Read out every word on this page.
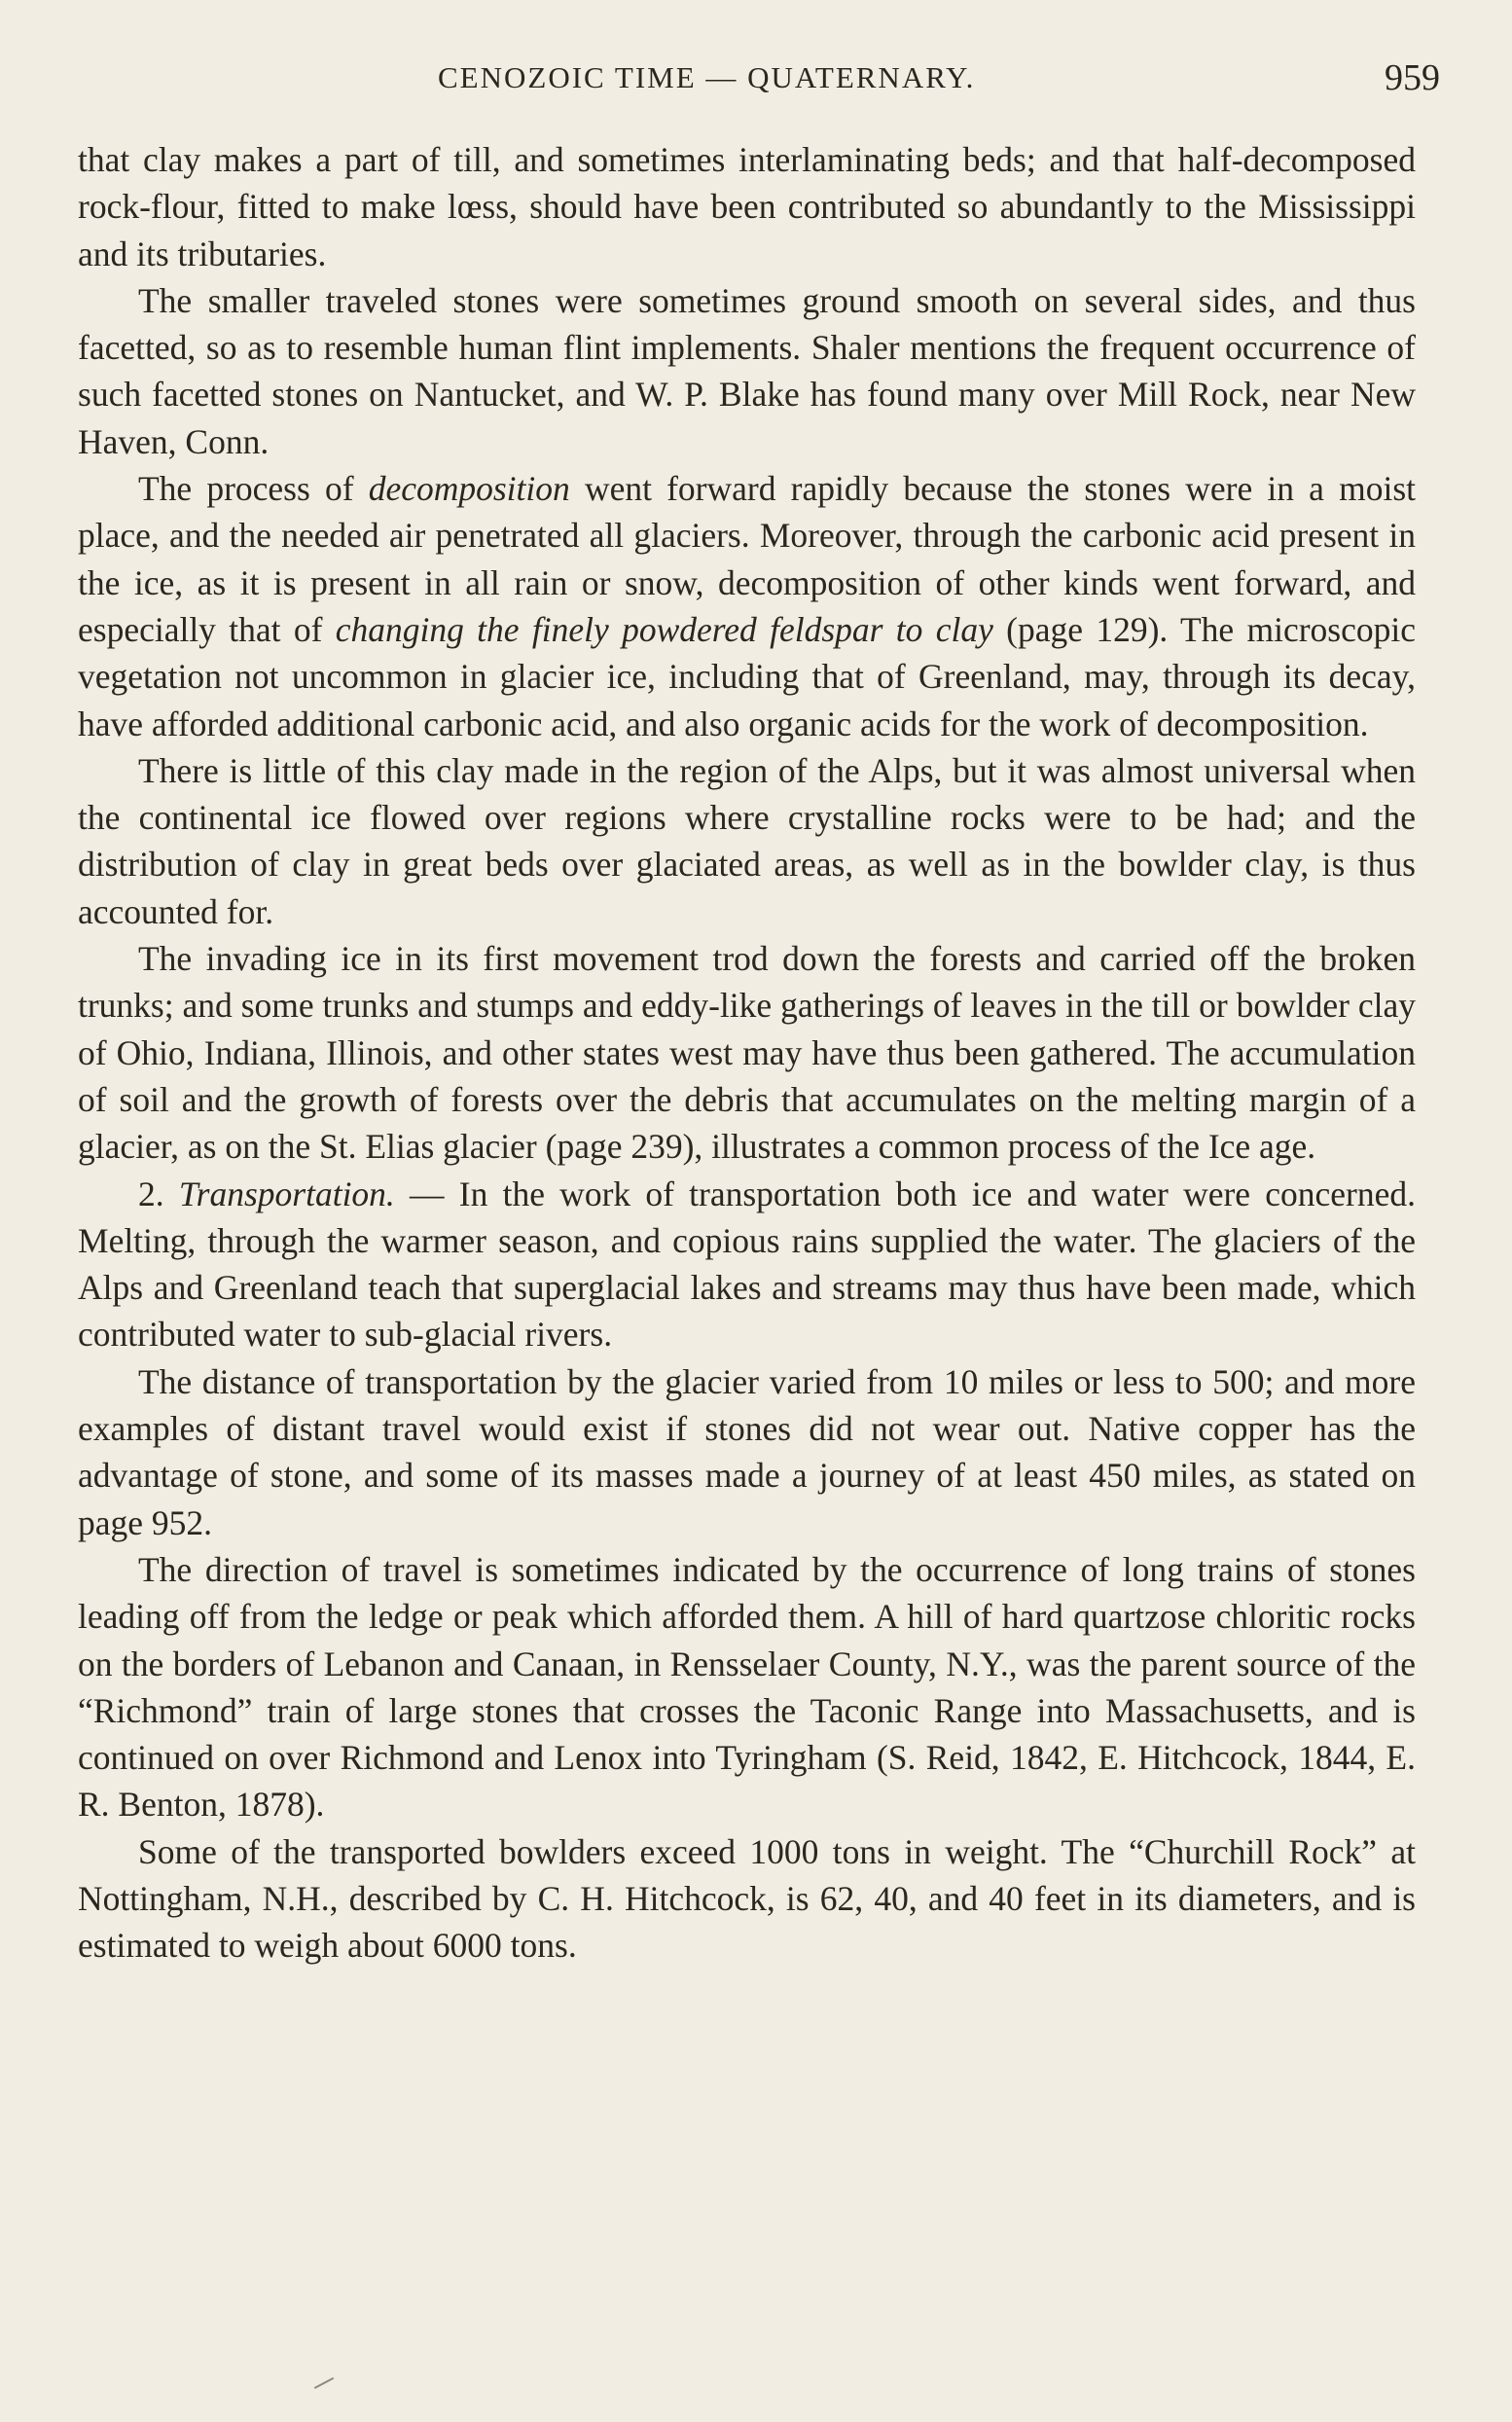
CENOZOIC TIME — QUATERNARY.	959

that clay makes a part of till, and sometimes interlaminating beds; and that half-decomposed rock-flour, fitted to make lœss, should have been contributed so abundantly to the Mississippi and its tributaries.

The smaller traveled stones were sometimes ground smooth on several sides, and thus facetted, so as to resemble human flint implements. Shaler mentions the frequent occurrence of such facetted stones on Nantucket, and W. P. Blake has found many over Mill Rock, near New Haven, Conn.

The process of decomposition went forward rapidly because the stones were in a moist place, and the needed air penetrated all glaciers. Moreover, through the carbonic acid present in the ice, as it is present in all rain or snow, decomposition of other kinds went forward, and especially that of changing the finely powdered feldspar to clay (page 129). The microscopic vegetation not uncommon in glacier ice, including that of Greenland, may, through its decay, have afforded additional carbonic acid, and also organic acids for the work of decomposition.

There is little of this clay made in the region of the Alps, but it was almost universal when the continental ice flowed over regions where crystalline rocks were to be had; and the distribution of clay in great beds over glaciated areas, as well as in the bowlder clay, is thus accounted for.

The invading ice in its first movement trod down the forests and carried off the broken trunks; and some trunks and stumps and eddy-like gatherings of leaves in the till or bowlder clay of Ohio, Indiana, Illinois, and other states west may have thus been gathered. The accumulation of soil and the growth of forests over the debris that accumulates on the melting margin of a glacier, as on the St. Elias glacier (page 239), illustrates a common process of the Ice age.

2. Transportation. — In the work of transportation both ice and water were concerned. Melting, through the warmer season, and copious rains supplied the water. The glaciers of the Alps and Greenland teach that superglacial lakes and streams may thus have been made, which contributed water to sub-glacial rivers.

The distance of transportation by the glacier varied from 10 miles or less to 500; and more examples of distant travel would exist if stones did not wear out. Native copper has the advantage of stone, and some of its masses made a journey of at least 450 miles, as stated on page 952.

The direction of travel is sometimes indicated by the occurrence of long trains of stones leading off from the ledge or peak which afforded them. A hill of hard quartzose chloritic rocks on the borders of Lebanon and Canaan, in Rensselaer County, N.Y., was the parent source of the “Richmond” train of large stones that crosses the Taconic Range into Massachusetts, and is continued on over Richmond and Lenox into Tyringham (S. Reid, 1842, E. Hitchcock, 1844, E. R. Benton, 1878).

Some of the transported bowlders exceed 1000 tons in weight. The “Churchill Rock” at Nottingham, N.H., described by C. H. Hitchcock, is 62, 40, and 40 feet in its diameters, and is estimated to weigh about 6000 tons.
